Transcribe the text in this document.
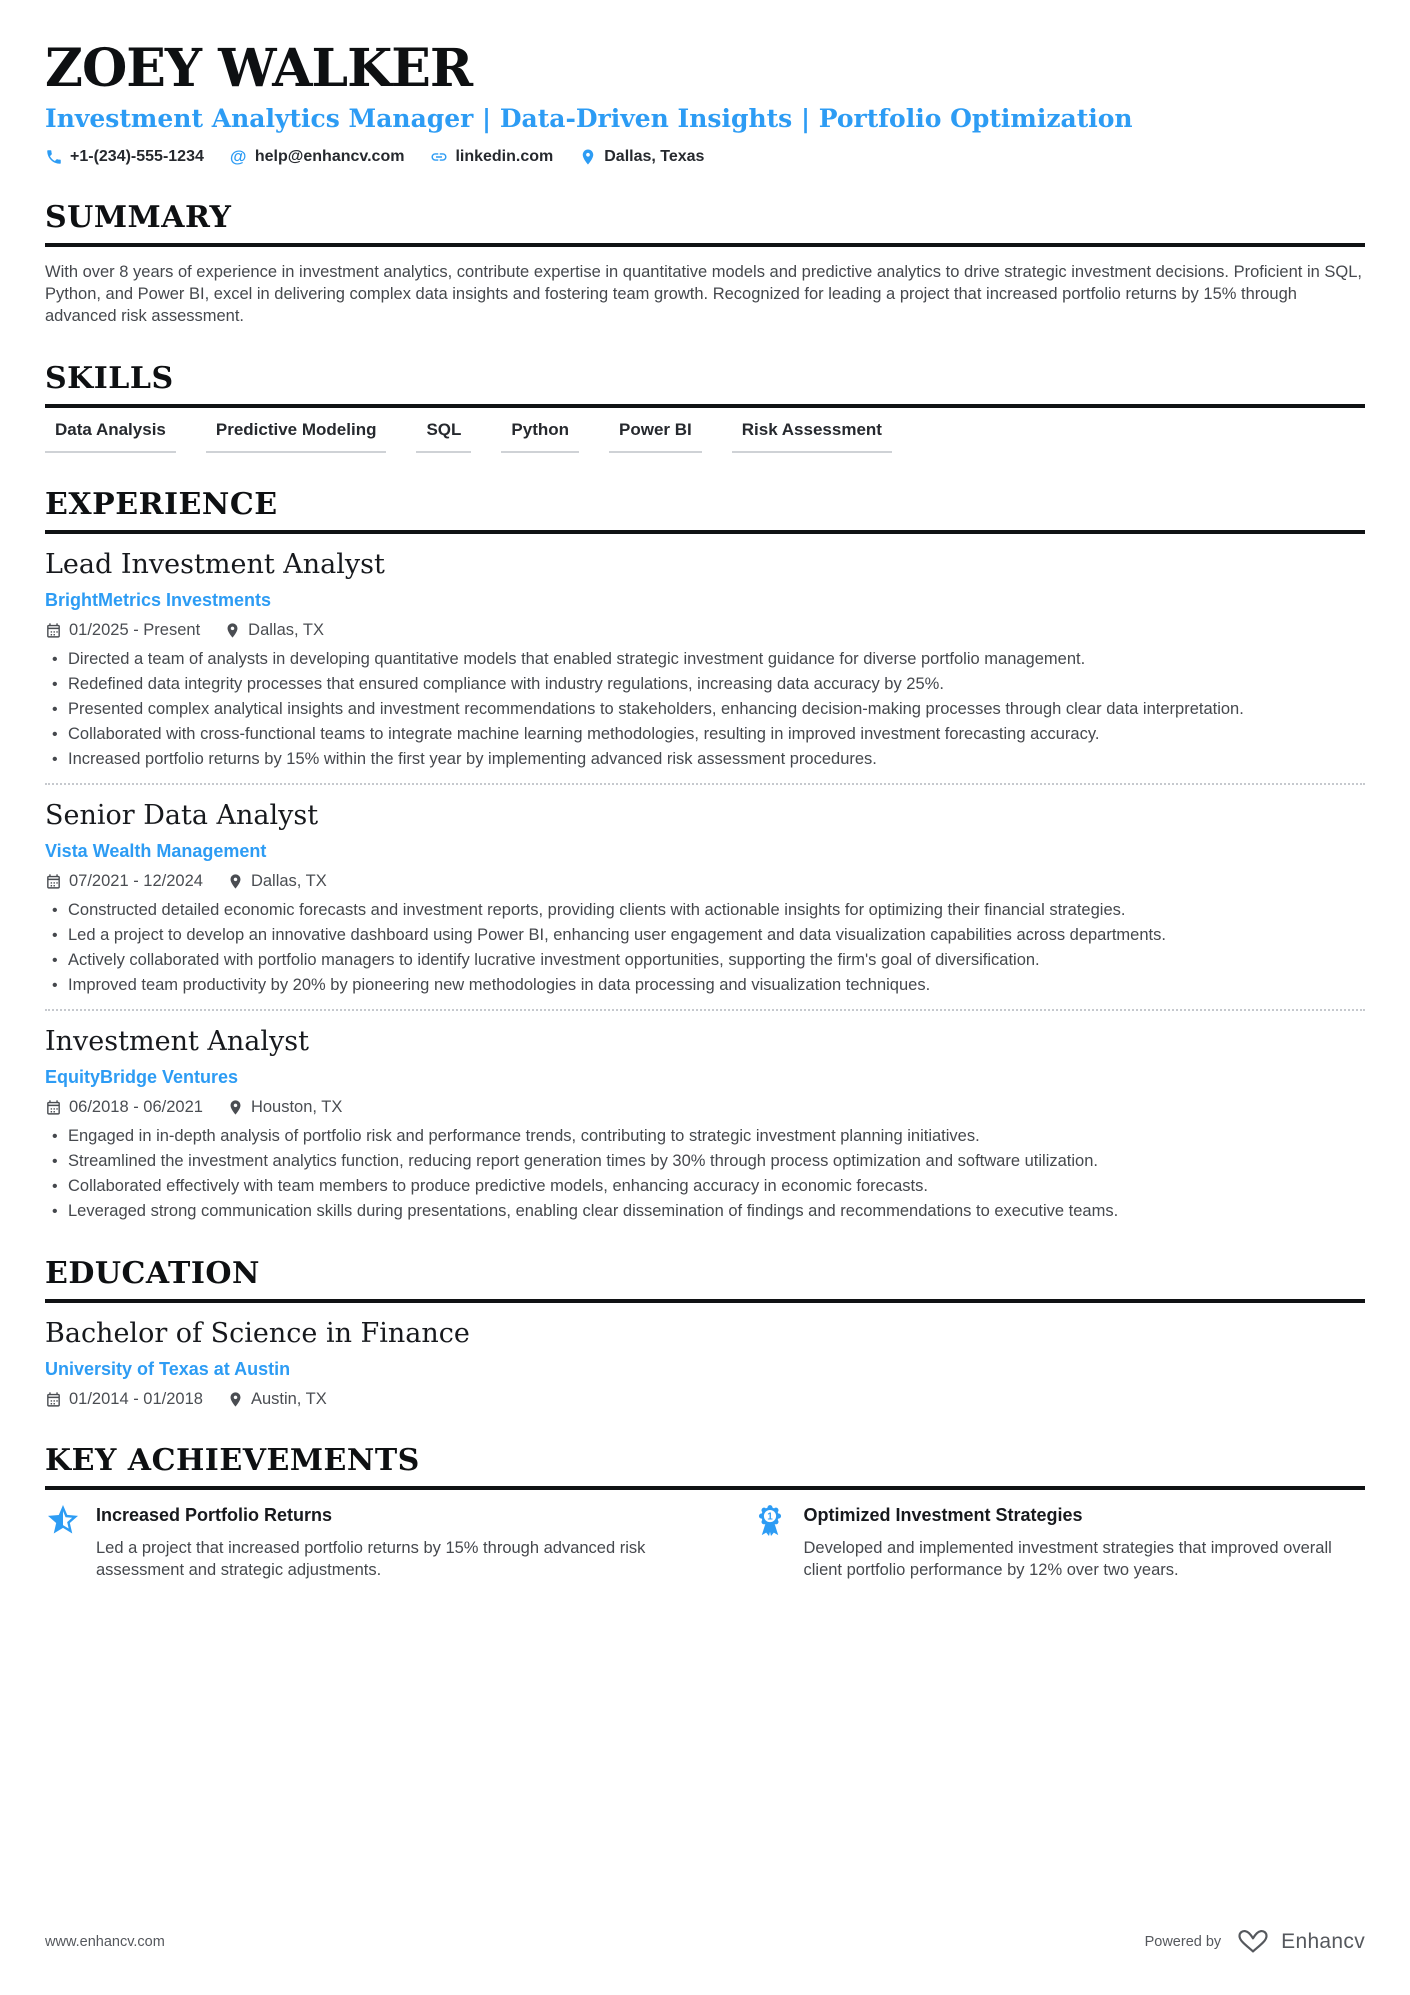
ZOEY WALKER
Investment Analytics Manager | Data-Driven Insights | Portfolio Optimization
+1-(234)-555-1234 @ help@enhancv.com	linkedin.com	Dallas, Texas
SUMMARY

With over 8 years of experience in investment analytics, contribute expertise in quantitative models and predictive analytics to drive strategic investment decisions. Proficient in SQL, Python, and Power BI, excel in delivering complex data insights and fostering team growth. Recognized for leading a project that increased portfolio returns by 15% through advanced risk assessment.

SKILLS
Data Analysis	Predictive Modeling	SQL	Python	Power BI	Risk Assessment
EXPERIENCE
Lead Investment Analyst
BrightMetrics Investments
01/2025 - Present	Dallas, TX
• Directed a team of analysts in developing quantitative models that enabled strategic investment guidance for diverse portfolio management.
• Redefined data integrity processes that ensured compliance with industry regulations, increasing data accuracy by 25%.
• Presented complex analytical insights and investment recommendations to stakeholders, enhancing decision-making processes through clear data interpretation.
• Collaborated with cross-functional teams to integrate machine learning methodologies, resulting in improved investment forecasting accuracy.
• Increased portfolio returns by 15% within the first year by implementing advanced risk assessment procedures.
Senior Data Analyst
Vista Wealth Management
07/2021 - 12/2024	Dallas, TX
• Constructed detailed economic forecasts and investment reports, providing clients with actionable insights for optimizing their financial strategies.
• Led a project to develop an innovative dashboard using Power BI, enhancing user engagement and data visualization capabilities across departments.
• Actively collaborated with portfolio managers to identify lucrative investment opportunities, supporting the firm's goal of diversification.
• Improved team productivity by 20% by pioneering new methodologies in data processing and visualization techniques.
Investment Analyst
EquityBridge Ventures
06/2018 - 06/2021	Houston, TX
• Engaged in in-depth analysis of portfolio risk and performance trends, contributing to strategic investment planning initiatives.
• Streamlined the investment analytics function, reducing report generation times by 30% through process optimization and software utilization.
• Collaborated effectively with team members to produce predictive models, enhancing accuracy in economic forecasts.
• Leveraged strong communication skills during presentations, enabling clear dissemination of findings and recommendations to executive teams.
EDUCATION
Bachelor of Science in Finance
University of Texas at Austin
01/2014 - 01/2018	Austin, TX
KEY ACHIEVEMENTS
Increased Portfolio Returns
Led a project that increased portfolio returns by 15% through advanced risk assessment and strategic adjustments.
1 Optimized Investment Strategies
Developed and implemented investment strategies that improved overall client portfolio performance by 12% over two years.
www.enhancv.com	Powered by	Enhancv
